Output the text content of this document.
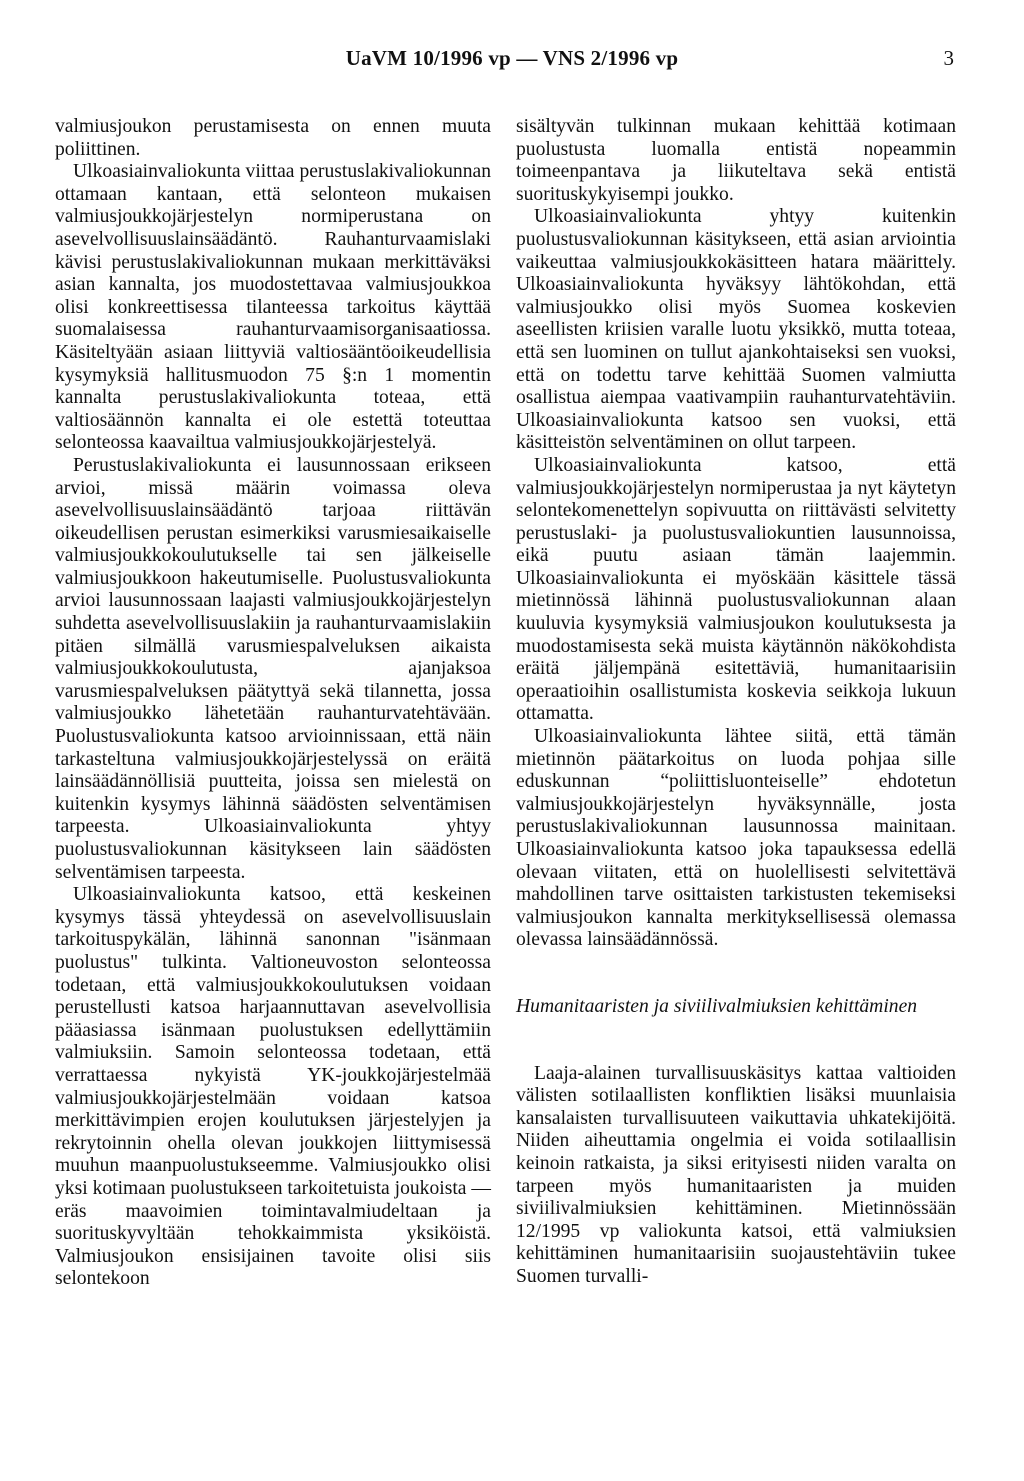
UaVM 10/1996 vp — VNS 2/1996 vp	3

valmiusjoukon perustamisesta on ennen muuta poliittinen.

Ulkoasiainvaliokunta viittaa perustuslakivaliokunnan ottamaan kantaan, että selonteon mukaisen valmiusjoukkojärjestelyn normiperustana on asevelvollisuuslainsäädäntö. Rauhanturvaamislaki kävisi perustuslakivaliokunnan mukaan merkittäväksi asian kannalta, jos muodostettavaa valmiusjoukkoa olisi konkreettisessa tilanteessa tarkoitus käyttää suomalaisessa rauhanturvaamisorganisaatiossa. Käsiteltyään asiaan liittyviä valtiosääntöoikeudellisia kysymyksiä hallitusmuodon 75 §:n 1 momentin kannalta perustuslakivaliokunta toteaa, että valtiosäännön kannalta ei ole estettä toteuttaa selonteossa kaavailtua valmiusjoukkojärjestelyä.

Perustuslakivaliokunta ei lausunnossaan erikseen arvioi, missä määrin voimassa oleva asevelvollisuuslainsäädäntö tarjoaa riittävän oikeudellisen perustan esimerkiksi varusmiesaikaiselle valmiusjoukkokoulutukselle tai sen jälkeiselle valmiusjoukkoon hakeutumiselle. Puolustusvaliokunta arvioi lausunnossaan laajasti valmiusjoukkojärjestelyn suhdetta asevelvollisuuslakiin ja rauhanturvaamislakiin pitäen silmällä varusmiespalveluksen aikaista valmiusjoukkokoulutusta, ajanjaksoa varusmiespalveluksen päätyttyä sekä tilannetta, jossa valmiusjoukko lähetetään rauhanturvatehtävään. Puolustusvaliokunta katsoo arvioinnissaan, että näin tarkasteltuna valmiusjoukkojärjestelyssä on eräitä lainsäädännöllisiä puutteita, joissa sen mielestä on kuitenkin kysymys lähinnä säädösten selventämisen tarpeesta. Ulkoasiainvaliokunta yhtyy puolustusvaliokunnan käsitykseen lain säädösten selventämisen tarpeesta.

Ulkoasiainvaliokunta katsoo, että keskeinen kysymys tässä yhteydessä on asevelvollisuuslain tarkoituspykälän, lähinnä sanonnan "isänmaan puolustus" tulkinta. Valtioneuvoston selonteossa todetaan, että valmiusjoukkokoulutuksen voidaan perustellusti katsoa harjaannuttavan asevelvollisia pääasiassa isänmaan puolustuksen edellyttämiin valmiuksiin. Samoin selonteossa todetaan, että verrattaessa nykyistä YK-joukkojärjestelmää valmiusjoukkojärjestelmään voidaan katsoa merkittävimpien erojen koulutuksen järjestelyjen ja rekrytoinnin ohella olevan joukkojen liittymisessä muuhun maanpuolustukseemme. Valmiusjoukko olisi yksi kotimaan puolustukseen tarkoitetuista joukoista — eräs maavoimien toimintavalmiudeltaan ja suorituskyvyltään tehokkaimmista yksiköistä. Valmiusjoukon ensisijainen tavoite olisi siis selontekoon

sisältyvän tulkinnan mukaan kehittää kotimaan puolustusta luomalla entistä nopeammin toimeenpantava ja liikuteltava sekä entistä suorituskykyisempi joukko.

Ulkoasiainvaliokunta yhtyy kuitenkin puolustusvaliokunnan käsitykseen, että asian arviointia vaikeuttaa valmiusjoukkokäsitteen hatara määrittely. Ulkoasiainvaliokunta hyväksyy lähtökohdan, että valmiusjoukko olisi myös Suomea koskevien aseellisten kriisien varalle luotu yksikkö, mutta toteaa, että sen luominen on tullut ajankohtaiseksi sen vuoksi, että on todettu tarve kehittää Suomen valmiutta osallistua aiempaa vaativampiin rauhanturvatehtäviin. Ulkoasiainvaliokunta katsoo sen vuoksi, että käsitteistön selventäminen on ollut tarpeen.

Ulkoasiainvaliokunta katsoo, että valmiusjoukkojärjestelyn normiperustaa ja nyt käytetyn selontekomenettelyn sopivuutta on riittävästi selvitetty perustuslaki- ja puolustusvaliokuntien lausunnoissa, eikä puutu asiaan tämän laajemmin. Ulkoasiainvaliokunta ei myöskään käsittele tässä mietinnössä lähinnä puolustusvaliokunnan alaan kuuluvia kysymyksiä valmiusjoukon koulutuksesta ja muodostamisesta sekä muista käytännön näkökohdista eräitä jäljempänä esitettäviä, humanitaarisiin operaatioihin osallistumista koskevia seikkoja lukuun ottamatta.

Ulkoasiainvaliokunta lähtee siitä, että tämän mietinnön päätarkoitus on luoda pohjaa sille eduskunnan “poliittisluonteiselle” ehdotetun valmiusjoukkojärjestelyn hyväksynnälle, josta perustuslakivaliokunnan lausunnossa mainitaan. Ulkoasiainvaliokunta katsoo joka tapauksessa edellä olevaan viitaten, että on huolellisesti selvitettävä mahdollinen tarve osittaisten tarkistusten tekemiseksi valmiusjoukon kannalta merkityksellisessä olemassa olevassa lainsäädännössä.

Humanitaaristen ja siviilivalmiuksien kehittäminen

Laaja-alainen turvallisuuskäsitys kattaa valtioiden välisten sotilaallisten konfliktien lisäksi muunlaisia kansalaisten turvallisuuteen vaikuttavia uhkatekijöitä. Niiden aiheuttamia ongelmia ei voida sotilaallisin keinoin ratkaista, ja siksi erityisesti niiden varalta on tarpeen myös humanitaaristen ja muiden siviilivalmiuksien kehittäminen. Mietinnössään 12/1995 vp valiokunta katsoi, että valmiuksien kehittäminen humanitaarisiin suojaustehtäviin tukee Suomen turvalli-
